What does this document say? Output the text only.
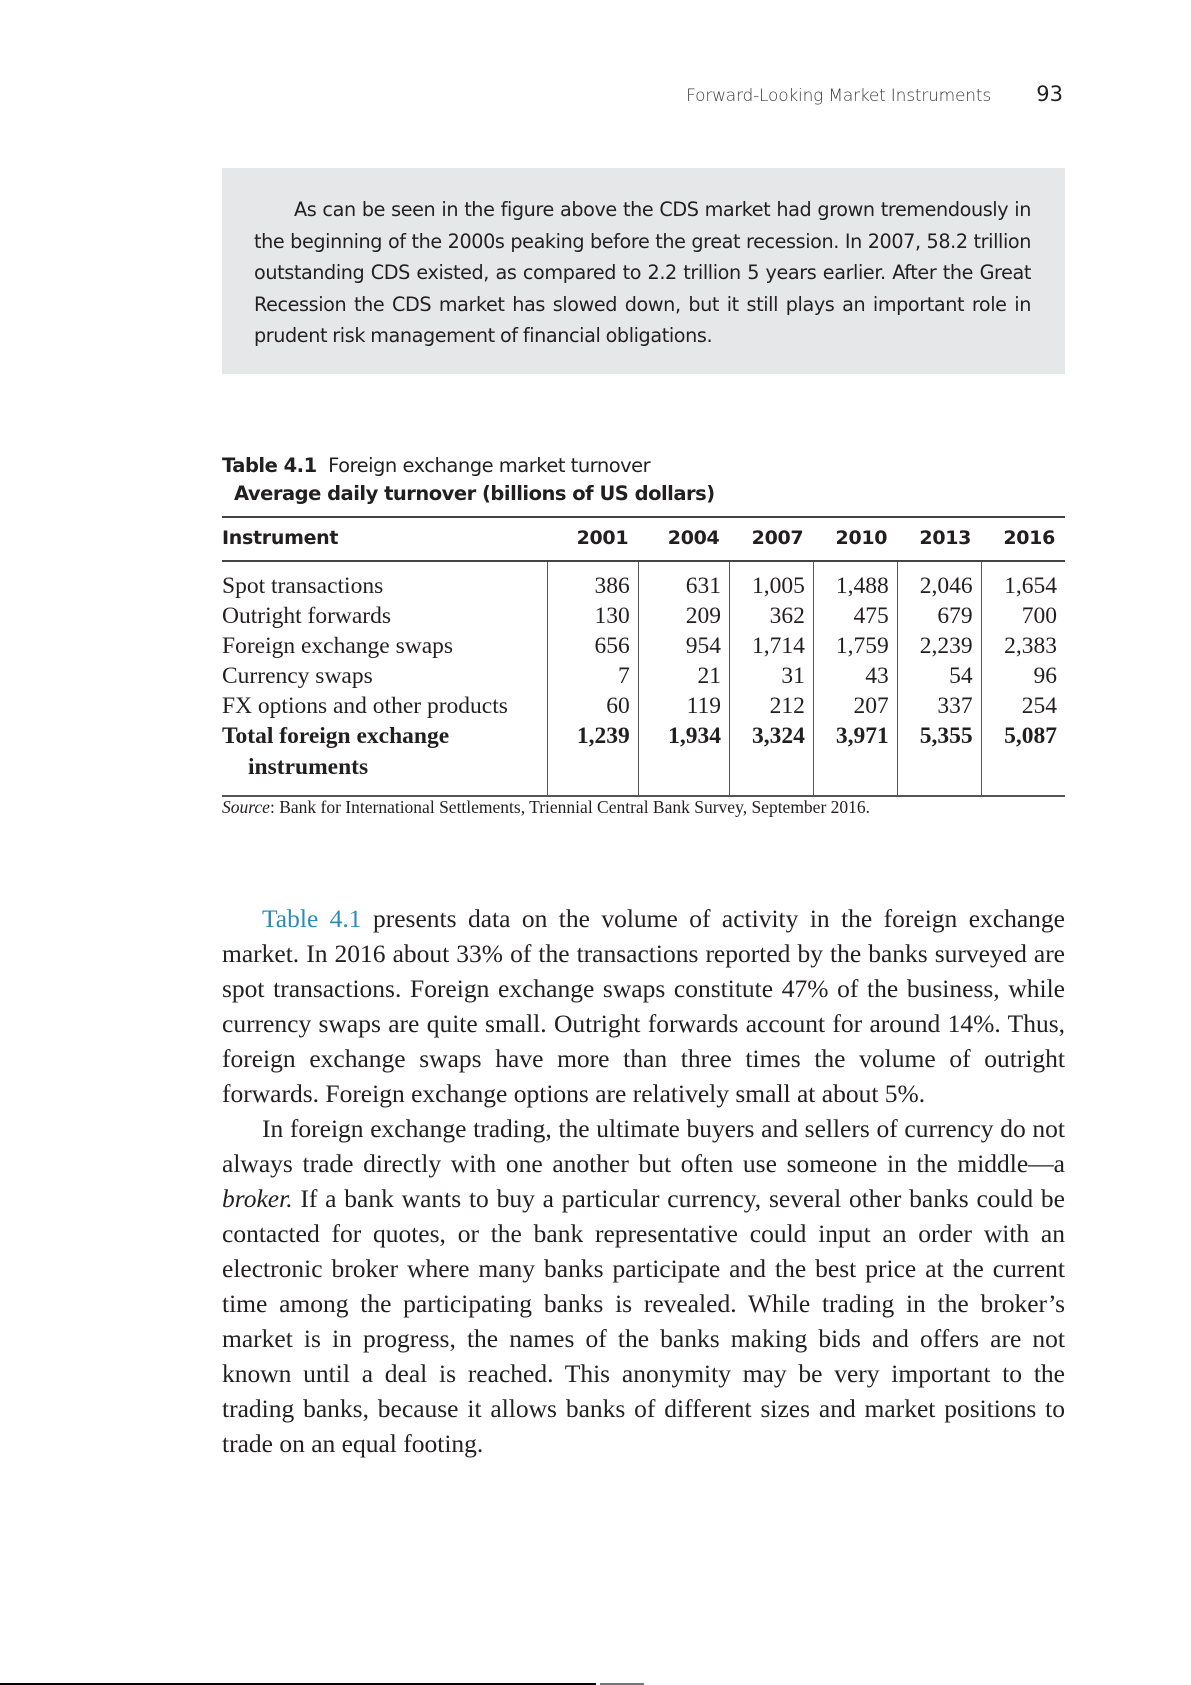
Forward-Looking Market Instruments 93

As can be seen in the figure above the CDS market had grown tremendously in the beginning of the 2000s peaking before the great recession. In 2007, 58.2 trillion outstanding CDS existed, as compared to 2.2 trillion 5 years earlier. After the Great Recession the CDS market has slowed down, but it still plays an important role in prudent risk management of financial obligations.

Table 4.1 Foreign exchange market turnover
Average daily turnover (billions of US dollars)
Instrument	2001	2004	2007	2010	2013	2016
Spot transactions	386	631	1,005	1,488	2,046	1,654
Outright forwards	130	209	362	475	679	700
Foreign exchange swaps	656	954	1,714	1,759	2,239	2,383
Currency swaps	7	21	31	43	54	96
FX options and other products	60	119	212	207	337	254
Total foreign exchange
instruments	1,239	1,934	3,324	3,971	5,355	5,087
Source: Bank for International Settlements, Triennial Central Bank Survey, September 2016.

Table 4.1 presents data on the volume of activity in the foreign exchange market. In 2016 about 33% of the transactions reported by the banks surveyed are spot transactions. Foreign exchange swaps constitute 47% of the business, while currency swaps are quite small. Outright forwards account for around 14%. Thus, foreign exchange swaps have more than three times the volume of outright forwards. Foreign exchange options are relatively small at about 5%.

In foreign exchange trading, the ultimate buyers and sellers of currency do not always trade directly with one another but often use someone in the middle—a broker. If a bank wants to buy a particular currency, several other banks could be contacted for quotes, or the bank representative could input an order with an electronic broker where many banks participate and the best price at the current time among the participating banks is revealed. While trading in the broker’s market is in progress, the names of the banks making bids and offers are not known until a deal is reached. This anonymity may be very important to the trading banks, because it allows banks of different sizes and market positions to trade on an equal footing.
